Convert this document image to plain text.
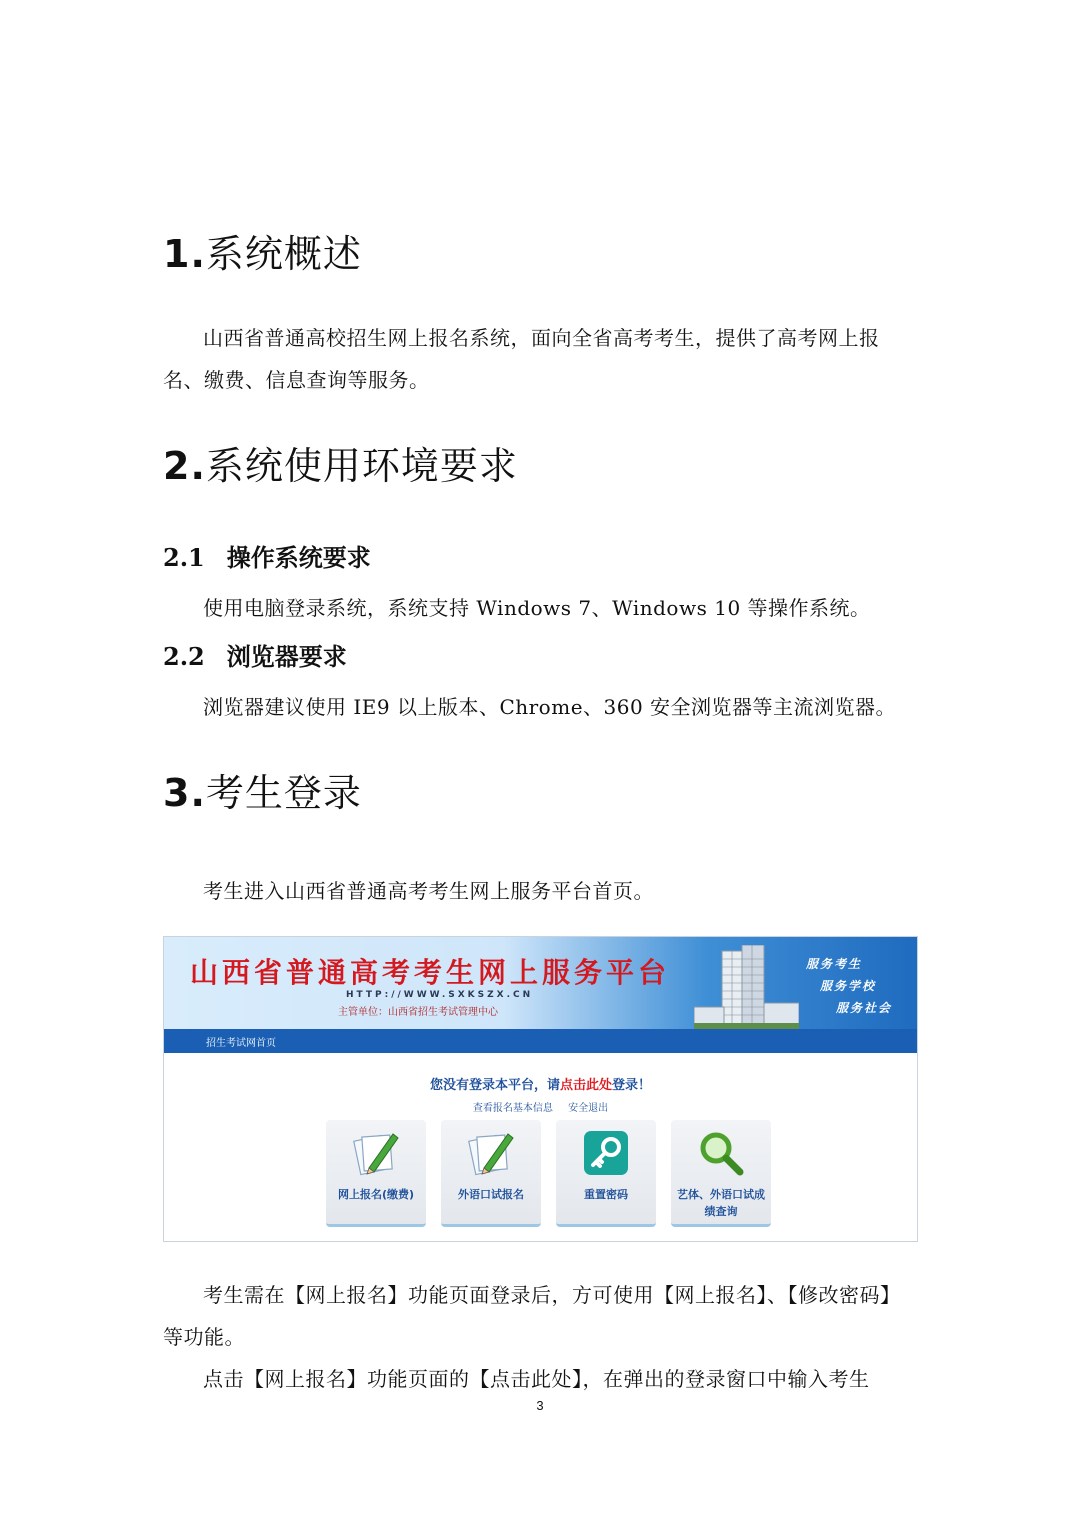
1.系统概述

山西省普通高校招生网上报名系统，面向全省高考考生，提供了高考网上报名、缴费、信息查询等服务。

2.系统使用环境要求
2.1 操作系统要求

使用电脑登录系统，系统支持 Windows 7、Windows 10 等操作系统。

2.2 浏览器要求

浏览器建议使用 IE9 以上版本、Chrome、360 安全浏览器等主流浏览器。

3.考生登录

考生进入山西省普通高考考生网上服务平台首页。

山西省普通高考考生网上服务平台
HTTP://WWW.SXKSZX.CN
主管单位：山西省招生考试管理中心
服务考生
服务学校
服务社会
招生考试网首页
您没有登录本平台，请点击此处登录！
查看报名基本信息 安全退出
网上报名(缴费)	外语口试报名	重置密码	艺体、外语口试成绩查询

考生需在【网上报名】功能页面登录后，方可使用【网上报名】、【修改密码】等功能。

点击【网上报名】功能页面的【点击此处】，在弹出的登录窗口中输入考生

3
